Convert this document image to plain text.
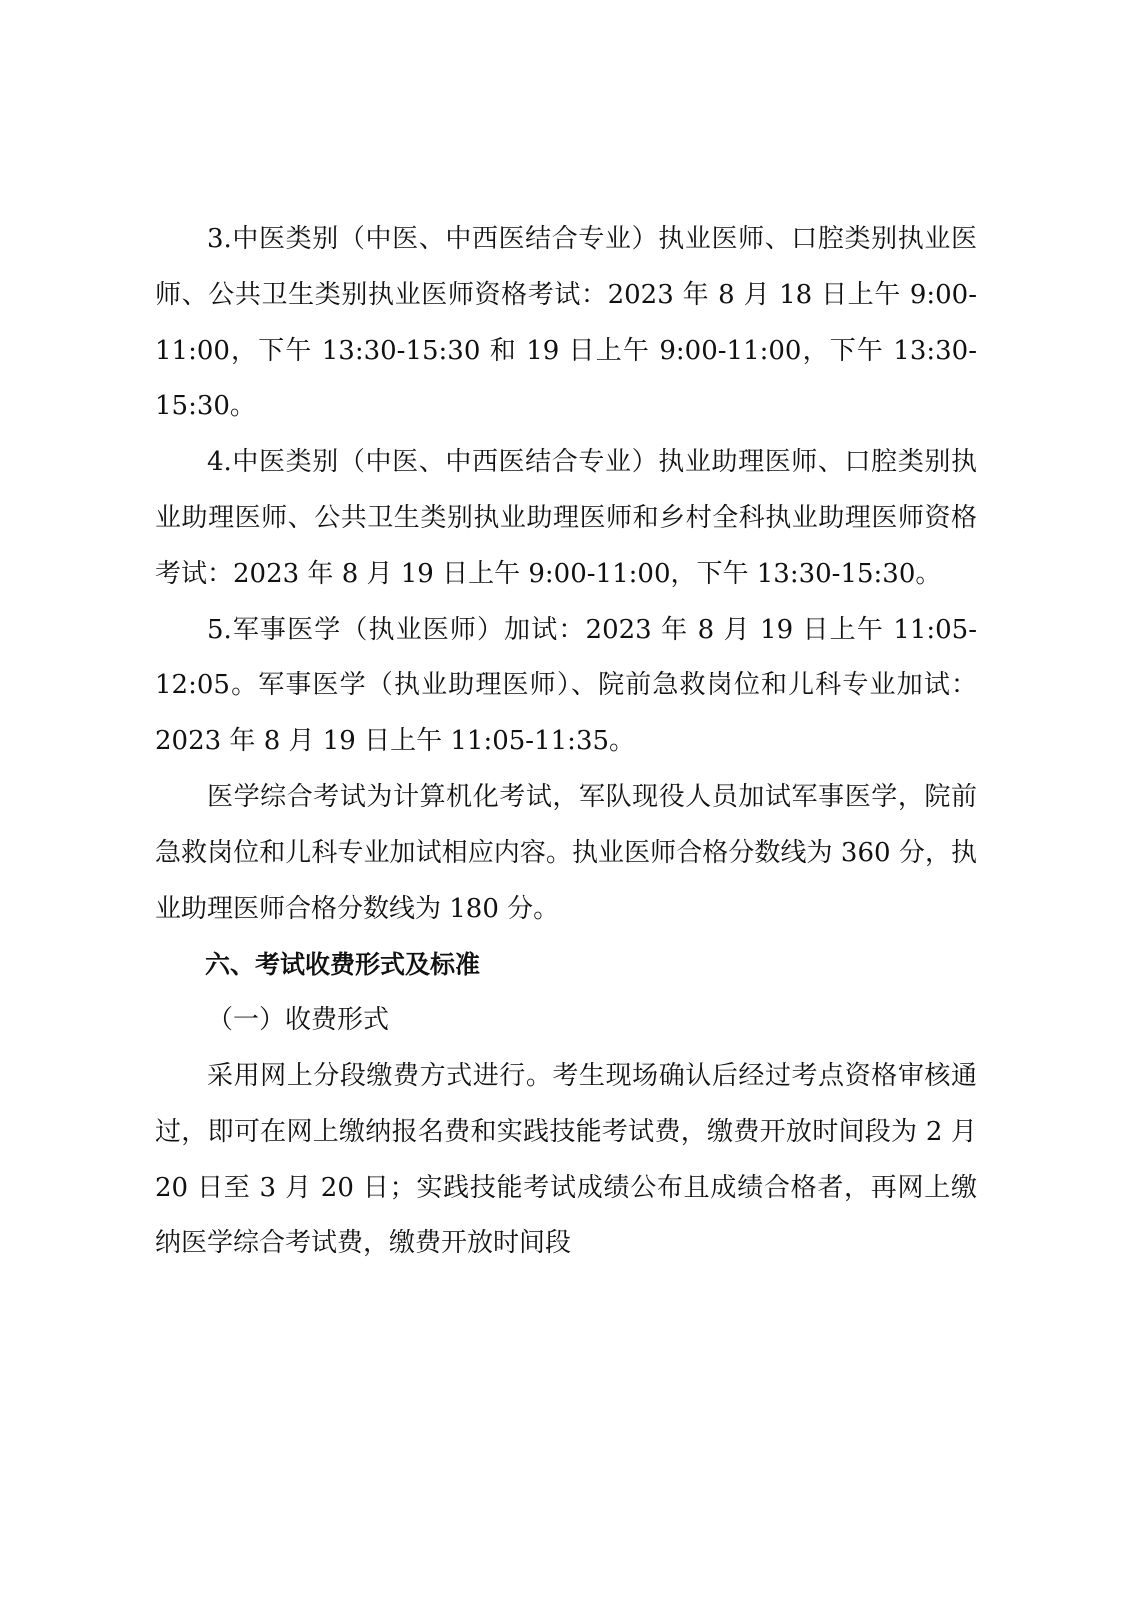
3.中医类别（中医、中西医结合专业）执业医师、口腔类别执业医师、公共卫生类别执业医师资格考试：2023 年 8 月 18 日上午 9:00-11:00，下午 13:30-15:30 和 19 日上午 9:00-11:00，下午 13:30-15:30。

4.中医类别（中医、中西医结合专业）执业助理医师、口腔类别执业助理医师、公共卫生类别执业助理医师和乡村全科执业助理医师资格考试：2023 年 8 月 19 日上午 9:00-11:00，下午 13:30-15:30。

5.军事医学（执业医师）加试：2023 年 8 月 19 日上午 11:05-12:05。军事医学（执业助理医师）、院前急救岗位和儿科专业加试：2023 年 8 月 19 日上午 11:05-11:35。

医学综合考试为计算机化考试，军队现役人员加试军事医学，院前急救岗位和儿科专业加试相应内容。执业医师合格分数线为 360 分，执业助理医师合格分数线为 180 分。

六、考试收费形式及标准

（一）收费形式

采用网上分段缴费方式进行。考生现场确认后经过考点资格审核通过，即可在网上缴纳报名费和实践技能考试费，缴费开放时间段为 2 月 20 日至 3 月 20 日；实践技能考试成绩公布且成绩合格者，再网上缴纳医学综合考试费，缴费开放时间段
